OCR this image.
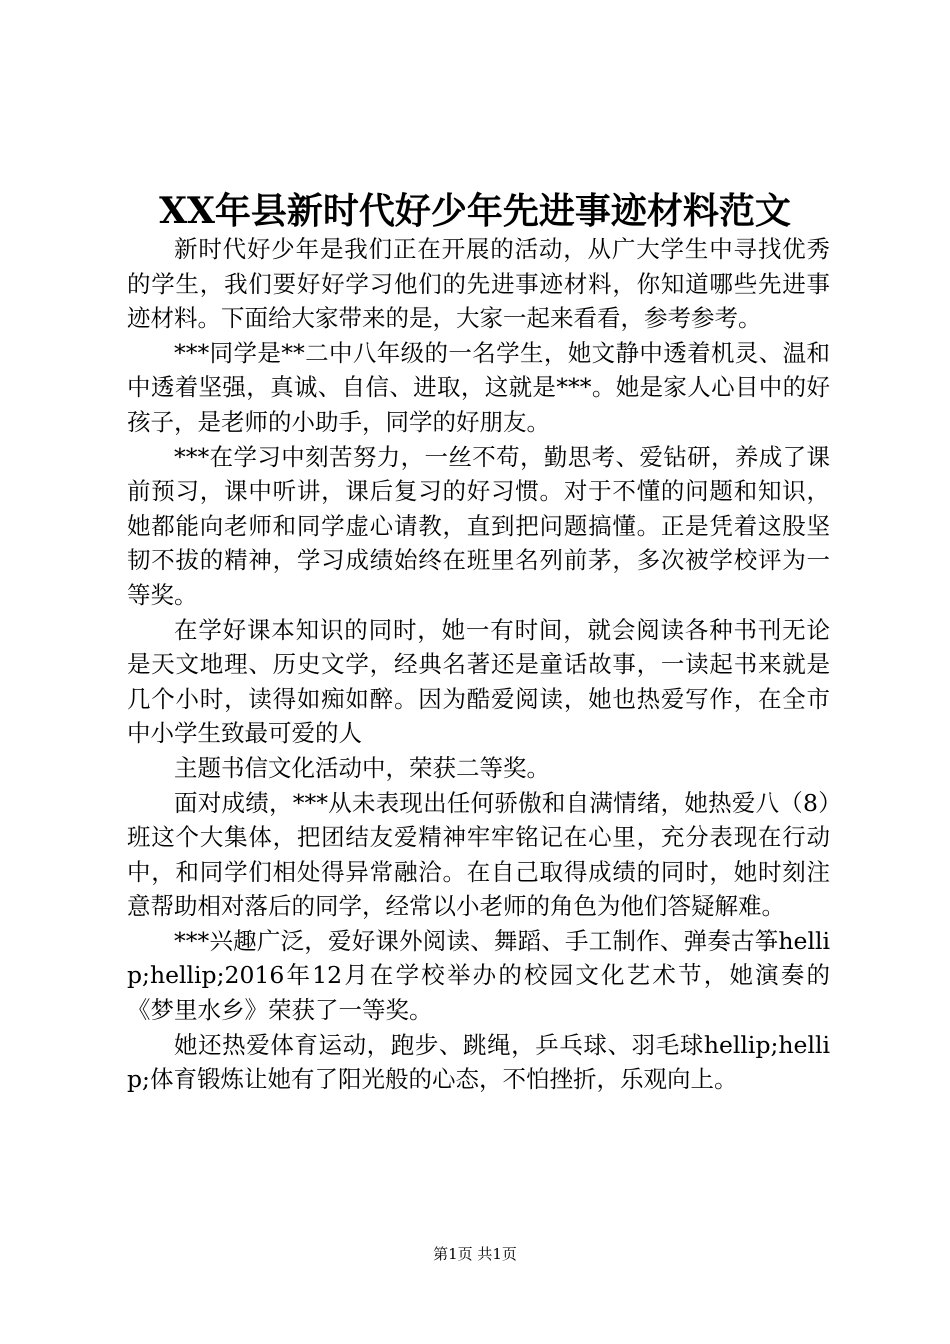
XX年县新时代好少年先进事迹材料范文

新时代好少年是我们正在开展的活动，从广大学生中寻找优秀的学生，我们要好好学习他们的先进事迹材料，你知道哪些先进事迹材料。下面给大家带来的是，大家一起来看看，参考参考。

***同学是**二中八年级的一名学生，她文静中透着机灵、温和中透着坚强，真诚、自信、进取，这就是***。她是家人心目中的好孩子，是老师的小助手，同学的好朋友。

***在学习中刻苦努力，一丝不苟，勤思考、爱钻研，养成了课前预习，课中听讲，课后复习的好习惯。对于不懂的问题和知识，她都能向老师和同学虚心请教，直到把问题搞懂。正是凭着这股坚韧不拔的精神，学习成绩始终在班里名列前茅，多次被学校评为一等奖。

在学好课本知识的同时，她一有时间，就会阅读各种书刊无论是天文地理、历史文学，经典名著还是童话故事，一读起书来就是几个小时，读得如痴如醉。因为酷爱阅读，她也热爱写作，在全市中小学生致最可爱的人

主题书信文化活动中，荣获二等奖。

面对成绩，***从未表现出任何骄傲和自满情绪，她热爱八（8）班这个大集体，把团结友爱精神牢牢铭记在心里，充分表现在行动中，和同学们相处得异常融洽。在自己取得成绩的同时，她时刻注意帮助相对落后的同学，经常以小老师的角色为他们答疑解难。

***兴趣广泛，爱好课外阅读、舞蹈、手工制作、弹奏古筝hellip;hellip;2016年12月在学校举办的校园文化艺术节，她演奏的《梦里水乡》荣获了一等奖。

她还热爱体育运动，跑步、跳绳，乒乓球、羽毛球hellip;hellip;体育锻炼让她有了阳光般的心态，不怕挫折，乐观向上。

第1页 共1页
